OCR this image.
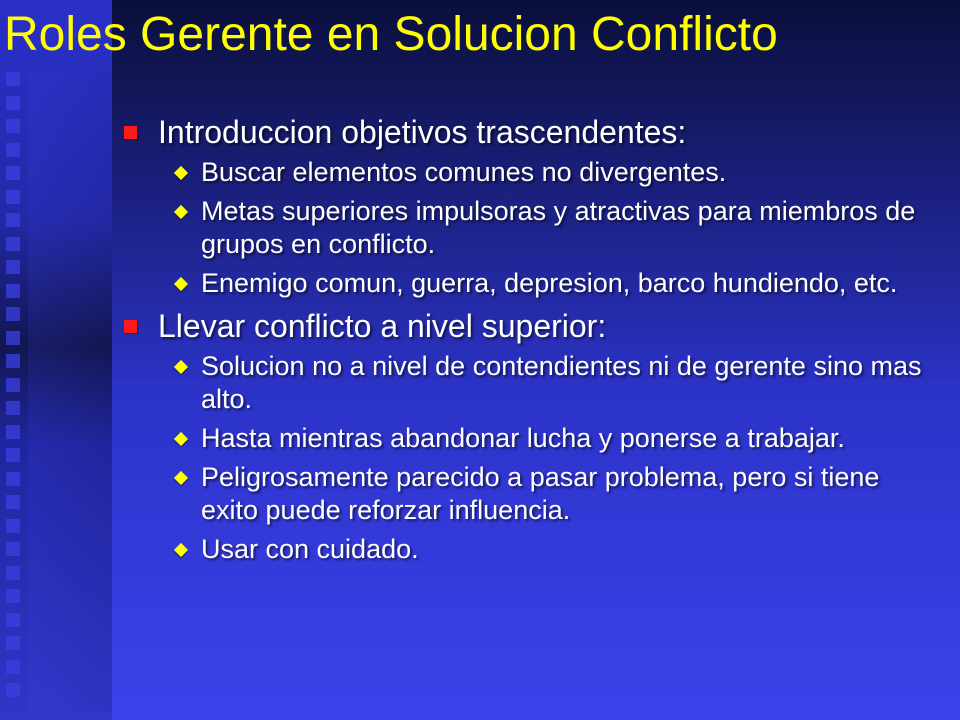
Roles Gerente en Solucion Conflicto
Introduccion objetivos trascendentes:
Buscar elementos comunes no divergentes.
Metas superiores impulsoras y atractivas para miembros de grupos en conflicto.
Enemigo comun, guerra, depresion, barco hundiendo, etc.
Llevar conflicto a nivel superior:
Solucion no a nivel de contendientes ni de gerente sino mas alto.
Hasta mientras abandonar lucha y ponerse a trabajar.
Peligrosamente parecido a pasar problema, pero si tiene exito puede reforzar influencia.
Usar con cuidado.
